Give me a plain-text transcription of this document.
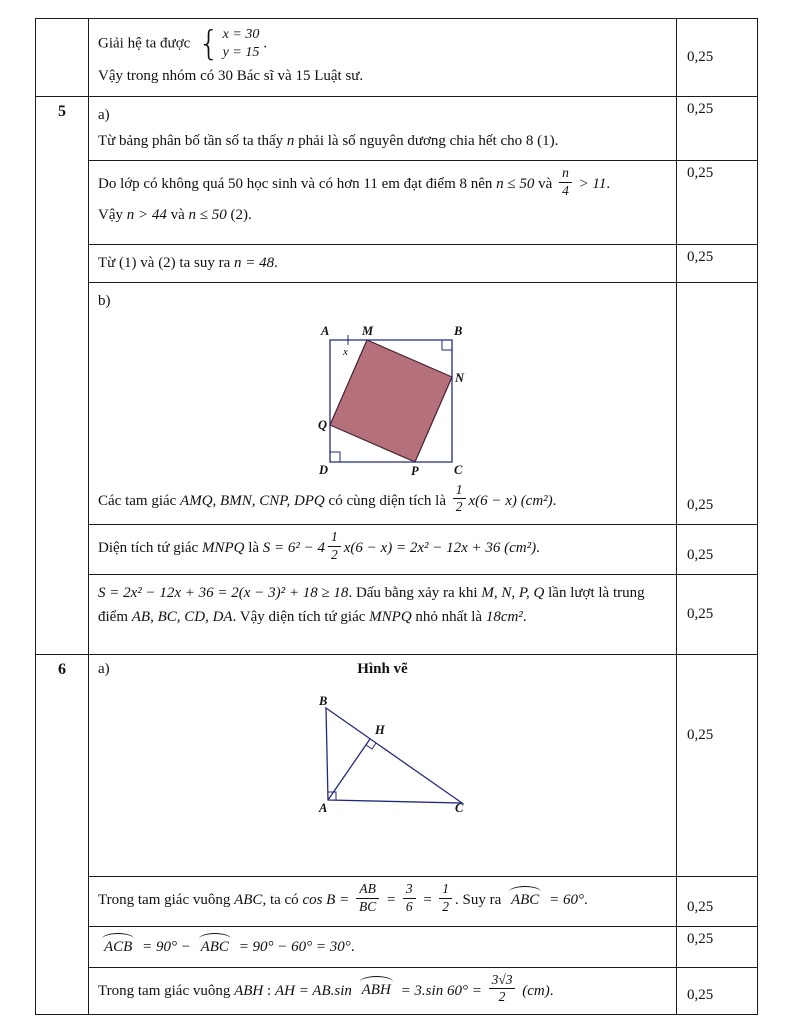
Giải hệ ta được { x = 30
y = 15
.
Vậy trong nhóm có 30 Bác sĩ và 15 Luật sư.
	0,25
5	a)
Từ bảng phân bố tần số ta thấy n phải là số nguyên dương chia hết cho 8 (1).	0,25

	Do lớp có không quá 50 học sinh và có hơn 11 em đạt điểm 8 nên n ≤ 50 và $\frac{n}{4} > 11$.
Vậy n > 44 và n ≤ 50 (2).	0,25

	Từ (1) và (2) ta suy ra n = 48.	0,25

b)
x
A	M	B
N
Q
D	P	C
Các tam giác AMQ, BMN, CNP, DPQ có cùng diện tích là $\frac{1}{2} x(6 - x)$ (cm²).	0,25

	Diện tích tứ giác MNPQ là $S = 6^2 - 4 \frac{1}{2} x(6 - x) = 2x^2 - 12x + 36$ (cm²).	0,25

	S = 2x² − 12x + 36 = 2(x − 3)² + 18 ≥ 18. Dấu bằng xảy ra khi M, N, P, Q lần lượt là trung điểm AB, BC, CD, DA. Vậy diện tích tứ giác MNPQ nhỏ nhất là 18cm².	0,25
6	a)	Hình vẽ
B
H
A	C
	0,25

Trong tam giác vuông ABC, ta có $\cos B = \frac{AB}{BC} = \frac{3}{6} = \frac{1}{2}$ . Suy ra ABC = 60°.	0,25

	ACB = 90° − ABC = 90° − 60° = 30°.	0,25

	Trong tam giác vuông ABH : AH = AB.sin ABH = 3.sin $60^\circ = \frac{3√3}{2} (cm)$.	0,25
